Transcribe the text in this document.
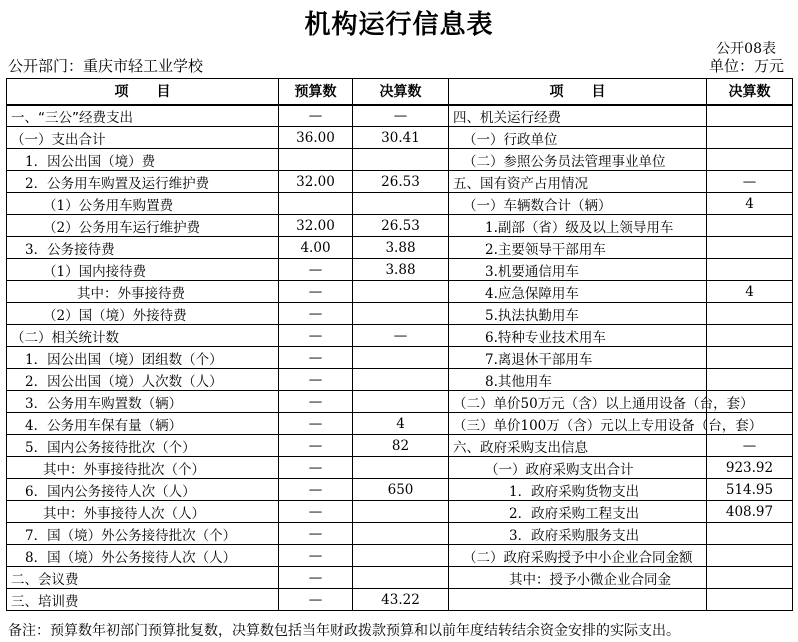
机构运行信息表
公开08表
公开部门：重庆市轻工业学校	单位：万元
项　　目	预算数	决算数	项　　目	决算数
一、“三公”经费支出	—	—	四、机关运行经费	
（一）支出合计	36.00	30.41	（一）行政单位	
1．因公出国（境）费			（二）参照公务员法管理事业单位	
2．公务用车购置及运行维护费	32.00	26.53	五、国有资产占用情况	—
（1）公务用车购置费			（一）车辆数合计（辆）	4
（2）公务用车运行维护费	32.00	26.53	1.副部（省）级及以上领导用车	
3．公务接待费	4.00	3.88	2.主要领导干部用车	
（1）国内接待费	—	3.88	3.机要通信用车	
其中：外事接待费	—		4.应急保障用车	4
（2）国（境）外接待费	—		5.执法执勤用车	
（二）相关统计数	—	—	6.特种专业技术用车	
1．因公出国（境）团组数（个）	—		7.离退休干部用车	
2．因公出国（境）人次数（人）	—		8.其他用车	
3．公务用车购置数（辆）	—		（二）单价50万元（含）以上通用设备（台，套）	
4．公务用车保有量（辆）	—	4	（三）单价100万（含）元以上专用设备（台，套）	
5．国内公务接待批次（个）	—	82	六、政府采购支出信息	—
其中：外事接待批次（个）	—		（一）政府采购支出合计	923.92
6．国内公务接待人次（人）	—	650	1．政府采购货物支出	514.95
其中：外事接待人次（人）	—		2．政府采购工程支出	408.97
7．国（境）外公务接待批次（个）	—		3．政府采购服务支出	
8．国（境）外公务接待人次（人）	—		（二）政府采购授予中小企业合同金额	
二、会议费	—		其中：授予小微企业合同金	
三、培训费	—	43.22		
备注：预算数年初部门预算批复数，决算数包括当年财政拨款预算和以前年度结转结余资金安排的实际支出。
